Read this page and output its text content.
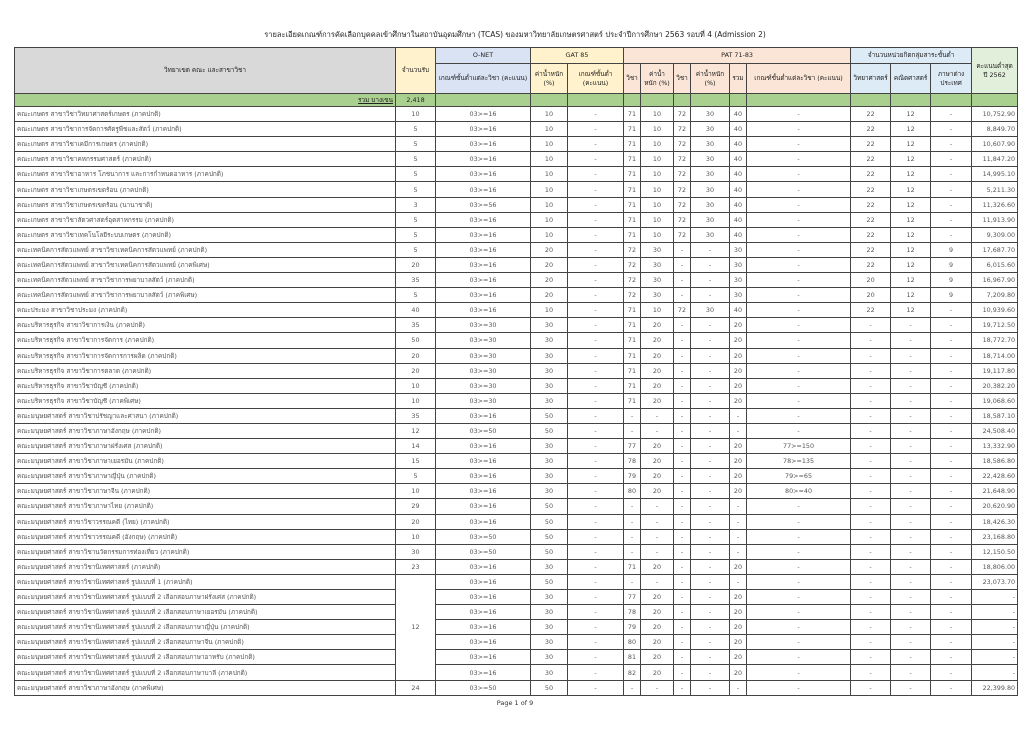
รายละเอียดเกณฑ์การคัดเลือกบุคคลเข้าศึกษาในสถาบันอุดมศึกษา (TCAS) ของมหาวิทยาลัยเกษตรศาสตร์ ประจำปีการศึกษา 2563 รอบที่ 4 (Admission 2)
วิทยาเขต คณะ และสาขาวิชา	จำนวนรับ	O-NET	GAT 85		PAT 71-83						จำนวนหน่วยกิตกลุ่มสาระขั้นต่ำ			คะแนนต่ำสุด ปี 2562
		เกณฑ์ขั้นต่ำแต่ละวิชา (คะแนน)	ค่าน้ำหนัก (%)	เกณฑ์ขั้นต่ำ (คะแนน)	วิชา	ค่าน้ำหนัก (%)	วิชา	ค่าน้ำหนัก (%)	รวม	เกณฑ์ขั้นต่ำแต่ละวิชา (คะแนน)	วิทยาศาสตร์	คณิตศาสตร์	ภาษาต่างประเทศ	
รวม บางเขน	2,418													
คณะเกษตร สาขาวิชาวิทยาศาสตร์เกษตร (ภาคปกติ)	10	03>=16	10	-	71	10	72	30	40	-	22	12	-	10,752.90
คณะเกษตร สาขาวิชาการจัดการศัตรูพืชและสัตว์ (ภาคปกติ)	5	03>=16	10	-	71	10	72	30	40	-	22	12	-	8,849.70
คณะเกษตร สาขาวิชาเคมีการเกษตร (ภาคปกติ)	5	03>=16	10	-	71	10	72	30	40	-	22	12	-	10,607.90
คณะเกษตร สาขาวิชาคหกรรมศาสตร์ (ภาคปกติ)	5	03>=16	10	-	71	10	72	30	40	-	22	12	-	11,847.20
คณะเกษตร สาขาวิชาอาหาร โภชนาการ และการกำหนดอาหาร (ภาคปกติ)	5	03>=16	10	-	71	10	72	30	40	-	22	12	-	14,995.10
คณะเกษตร สาขาวิชาเกษตรเขตร้อน (ภาคปกติ)	5	03>=16	10	-	71	10	72	30	40	-	22	12	-	5,211.30
คณะเกษตร สาขาวิชาเกษตรเขตร้อน (นานาชาติ)	3	03>=56	10	-	71	10	72	30	40	-	22	12	-	11,326.60
คณะเกษตร สาขาวิชาสัตวศาสตร์อุตสาหกรรม (ภาคปกติ)	5	03>=16	10	-	71	10	72	30	40	-	22	12	-	11,913.90
คณะเกษตร สาขาวิชาเทคโนโลยีระบบเกษตร (ภาคปกติ)	5	03>=16	10	-	71	10	72	30	40	-	22	12	-	9,309.00
คณะเทคนิคการสัตวแพทย์ สาขาวิชาเทคนิคการสัตวแพทย์ (ภาคปกติ)	5	03>=16	20	-	72	30	-	-	30	-	22	12	9	17,687.70
คณะเทคนิคการสัตวแพทย์ สาขาวิชาเทคนิคการสัตวแพทย์ (ภาคพิเศษ)	20	03>=16	20	-	72	30	-	-	30	-	22	12	9	6,015.60
คณะเทคนิคการสัตวแพทย์ สาขาวิชาการพยาบาลสัตว์ (ภาคปกติ)	35	03>=16	20	-	72	30	-	-	30	-	20	12	9	16,967.90
คณะเทคนิคการสัตวแพทย์ สาขาวิชาการพยาบาลสัตว์ (ภาคพิเศษ)	5	03>=16	20	-	72	30	-	-	30	-	20	12	9	7,209.80
คณะประมง สาขาวิชาประมง (ภาคปกติ)	40	03>=16	10	-	71	10	72	30	40	-	22	12	-	10,939.60
คณะบริหารธุรกิจ สาขาวิชาการเงิน (ภาคปกติ)	35	03>=30	30	-	71	20	-	-	20	-	-	-	-	19,712.50
คณะบริหารธุรกิจ สาขาวิชาการจัดการ (ภาคปกติ)	50	03>=30	30	-	71	20	-	-	20	-	-	-	-	18,772.70
คณะบริหารธุรกิจ สาขาวิชาการจัดการการผลิต (ภาคปกติ)	20	03>=30	30	-	71	20	-	-	20	-	-	-	-	18,714.00
คณะบริหารธุรกิจ สาขาวิชาการตลาด (ภาคปกติ)	20	03>=30	30	-	71	20	-	-	20	-	-	-	-	19,117.80
คณะบริหารธุรกิจ สาขาวิชาบัญชี (ภาคปกติ)	10	03>=30	30	-	71	20	-	-	20	-	-	-	-	20,382.20
คณะบริหารธุรกิจ สาขาวิชาบัญชี (ภาคพิเศษ)	10	03>=30	30	-	71	20	-	-	20	-	-	-	-	19,068.60
คณะมนุษยศาสตร์ สาขาวิชาปรัชญาและศาสนา (ภาคปกติ)	35	03>=16	50	-	-	-	-	-	-	-	-	-	-	18,587.10
คณะมนุษยศาสตร์ สาขาวิชาภาษาอังกฤษ (ภาคปกติ)	12	03>=50	50	-	-	-	-	-	-	-	-	-	-	24,508.40
คณะมนุษยศาสตร์ สาขาวิชาภาษาฝรั่งเศส (ภาคปกติ)	14	03>=16	30	-	77	20	-	-	20	77>=150	-	-	-	13,332.90
คณะมนุษยศาสตร์ สาขาวิชาภาษาเยอรมัน (ภาคปกติ)	15	03>=16	30	-	78	20	-	-	20	78>=135	-	-	-	18,586.80
คณะมนุษยศาสตร์ สาขาวิชาภาษาญี่ปุ่น (ภาคปกติ)	5	03>=16	30	-	79	20	-	-	20	79>=65	-	-	-	22,428.60
คณะมนุษยศาสตร์ สาขาวิชาภาษาจีน (ภาคปกติ)	10	03>=16	30	-	80	20	-	-	20	80>=40	-	-	-	21,648.90
คณะมนุษยศาสตร์ สาขาวิชาภาษาไทย (ภาคปกติ)	29	03>=16	50	-	-	-	-	-	-	-	-	-	-	20,620.90
คณะมนุษยศาสตร์ สาขาวิชาวรรณคดี (ไทย) (ภาคปกติ)	20	03>=16	50	-	-	-	-	-	-	-	-	-	-	18,426.30
คณะมนุษยศาสตร์ สาขาวิชาวรรณคดี (อังกฤษ) (ภาคปกติ)	10	03>=50	50	-	-	-	-	-	-	-	-	-	-	23,168.80
คณะมนุษยศาสตร์ สาขาวิชานวัตกรรมการท่องเที่ยว (ภาคปกติ)	30	03>=50	50	-	-	-	-	-	-	-	-	-	-	12,150.50
คณะมนุษยศาสตร์ สาขาวิชานิเทศศาสตร์ (ภาคปกติ)	23	03>=16	30	-	71	20	-	-	20	-	-	-	-	18,806.00
คณะมนุษยศาสตร์ สาขาวิชานิเทศศาสตร์ รูปแบบที่ 1 (ภาคปกติ)	12	03>=16	50	-	-	-	-	-	-	-	-	-	-	23,073.70
คณะมนุษยศาสตร์ สาขาวิชานิเทศศาสตร์ รูปแบบที่ 2 เลือกสอบภาษาฝรั่งเศส (ภาคปกติ)		03>=16	30	-	77	20	-	-	20	-	-	-	-	-
คณะมนุษยศาสตร์ สาขาวิชานิเทศศาสตร์ รูปแบบที่ 2 เลือกสอบภาษาเยอรมัน (ภาคปกติ)		03>=16	30	-	78	20	-	-	20	-	-	-	-	-
คณะมนุษยศาสตร์ สาขาวิชานิเทศศาสตร์ รูปแบบที่ 2 เลือกสอบภาษาญี่ปุ่น (ภาคปกติ)		03>=16	30	-	79	20	-	-	20	-	-	-	-	-
คณะมนุษยศาสตร์ สาขาวิชานิเทศศาสตร์ รูปแบบที่ 2 เลือกสอบภาษาจีน (ภาคปกติ)		03>=16	30	-	80	20	-	-	20	-	-	-	-	-
คณะมนุษยศาสตร์ สาขาวิชานิเทศศาสตร์ รูปแบบที่ 2 เลือกสอบภาษาอาหรับ (ภาคปกติ)		03>=16	30	-	81	20	-	-	20	-	-	-	-	-
คณะมนุษยศาสตร์ สาขาวิชานิเทศศาสตร์ รูปแบบที่ 2 เลือกสอบภาษาบาลี (ภาคปกติ)		03>=16	30	-	82	20	-	-	20	-	-	-	-	-
คณะมนุษยศาสตร์ สาขาวิชาภาษาอังกฤษ (ภาคพิเศษ)	24	03>=50	50	-	-	-	-	-	-	-	-	-	-	22,399.80
Page 1 of 9
